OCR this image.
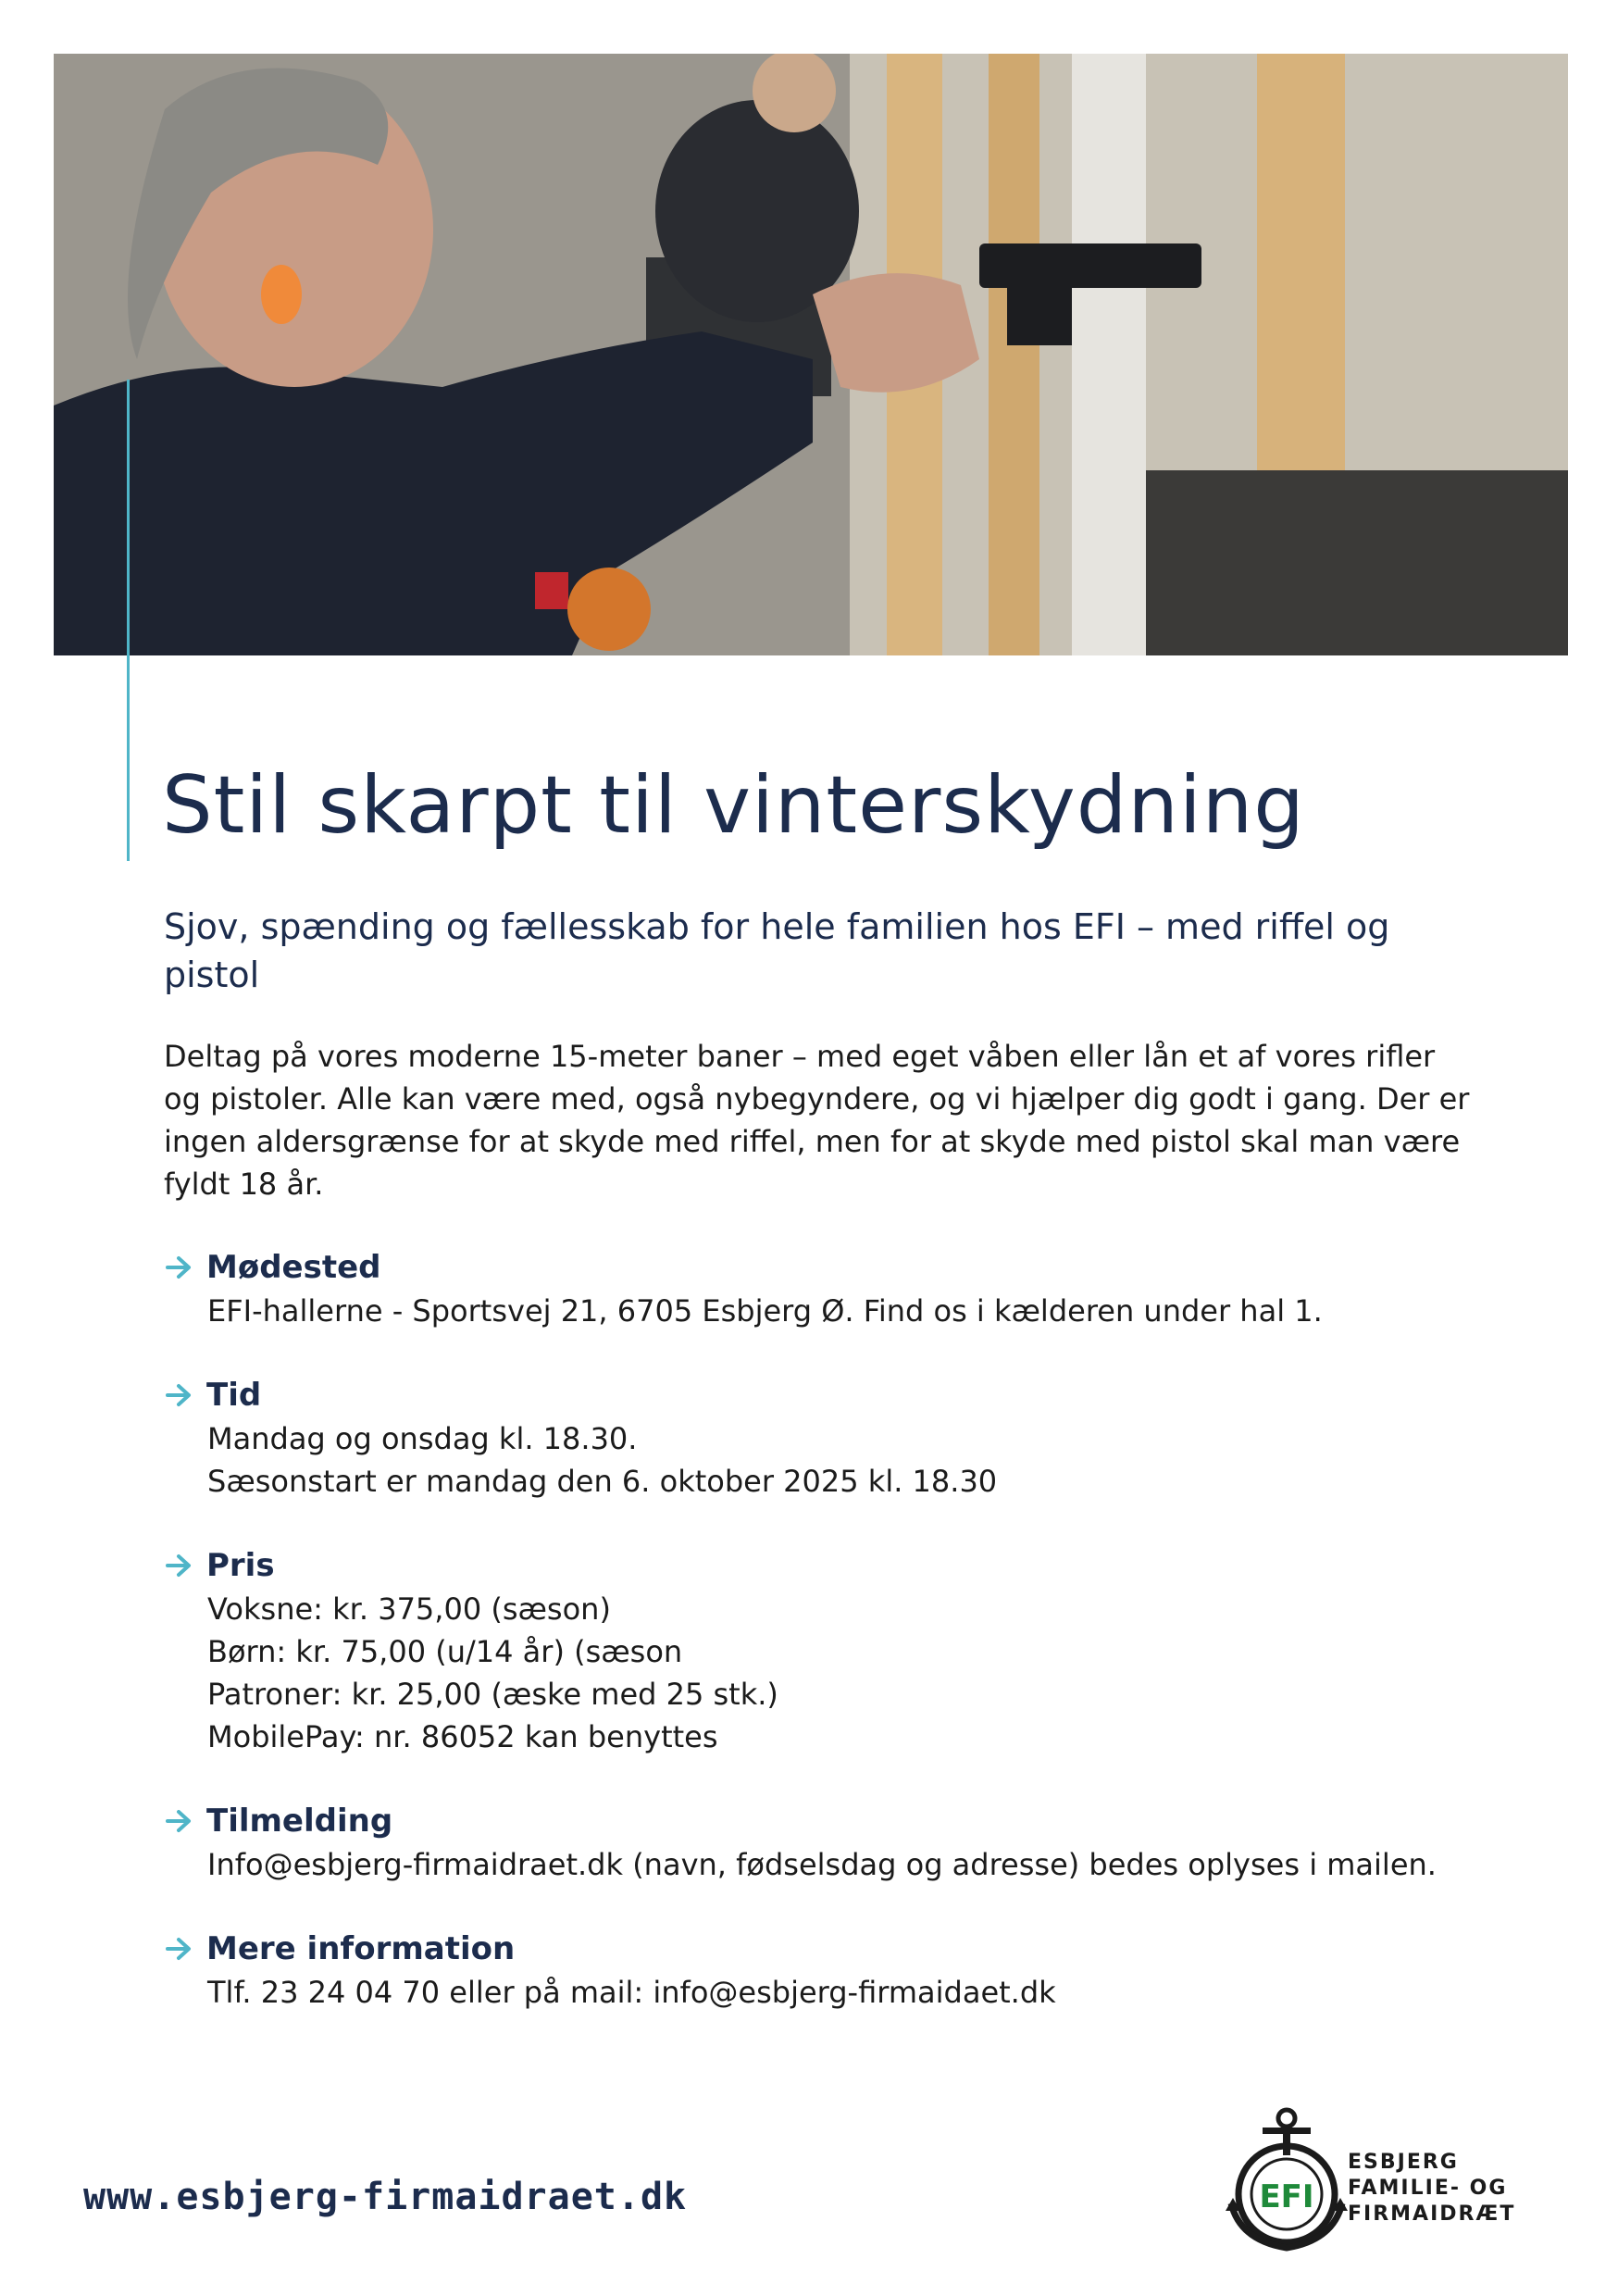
Stil skarpt til vinterskydning

Sjov, spænding og fællesskab for hele familien hos EFI – med riffel og pistol

Deltag på vores moderne 15-meter baner – med eget våben eller lån et af vores rifler og pistoler. Alle kan være med, også nybegyndere, og vi hjælper dig godt i gang. Der er ingen aldersgrænse for at skyde med riffel, men for at skyde med pistol skal man være fyldt 18 år.

Mødested
EFI-hallerne - Sportsvej 21, 6705 Esbjerg Ø. Find os i kælderen under hal 1.
Tid
Mandag og onsdag kl. 18.30.
Sæsonstart er mandag den 6. oktober 2025 kl. 18.30
Pris
Voksne: kr. 375,00 (sæson)
Børn: kr. 75,00 (u/14 år) (sæson
Patroner: kr. 25,00 (æske med 25 stk.)
MobilePay: nr. 86052 kan benyttes
Tilmelding
Info@esbjerg-firmaidraet.dk (navn, fødselsdag og adresse) bedes oplyses i mailen.
Mere information
Tlf. 23 24 04 70 eller på mail: info@esbjerg-firmaidaet.dk

www.esbjerg-firmaidraet.dk	EFI
ESBJERG
FAMILIE- OG
FIRMAIDRÆT
